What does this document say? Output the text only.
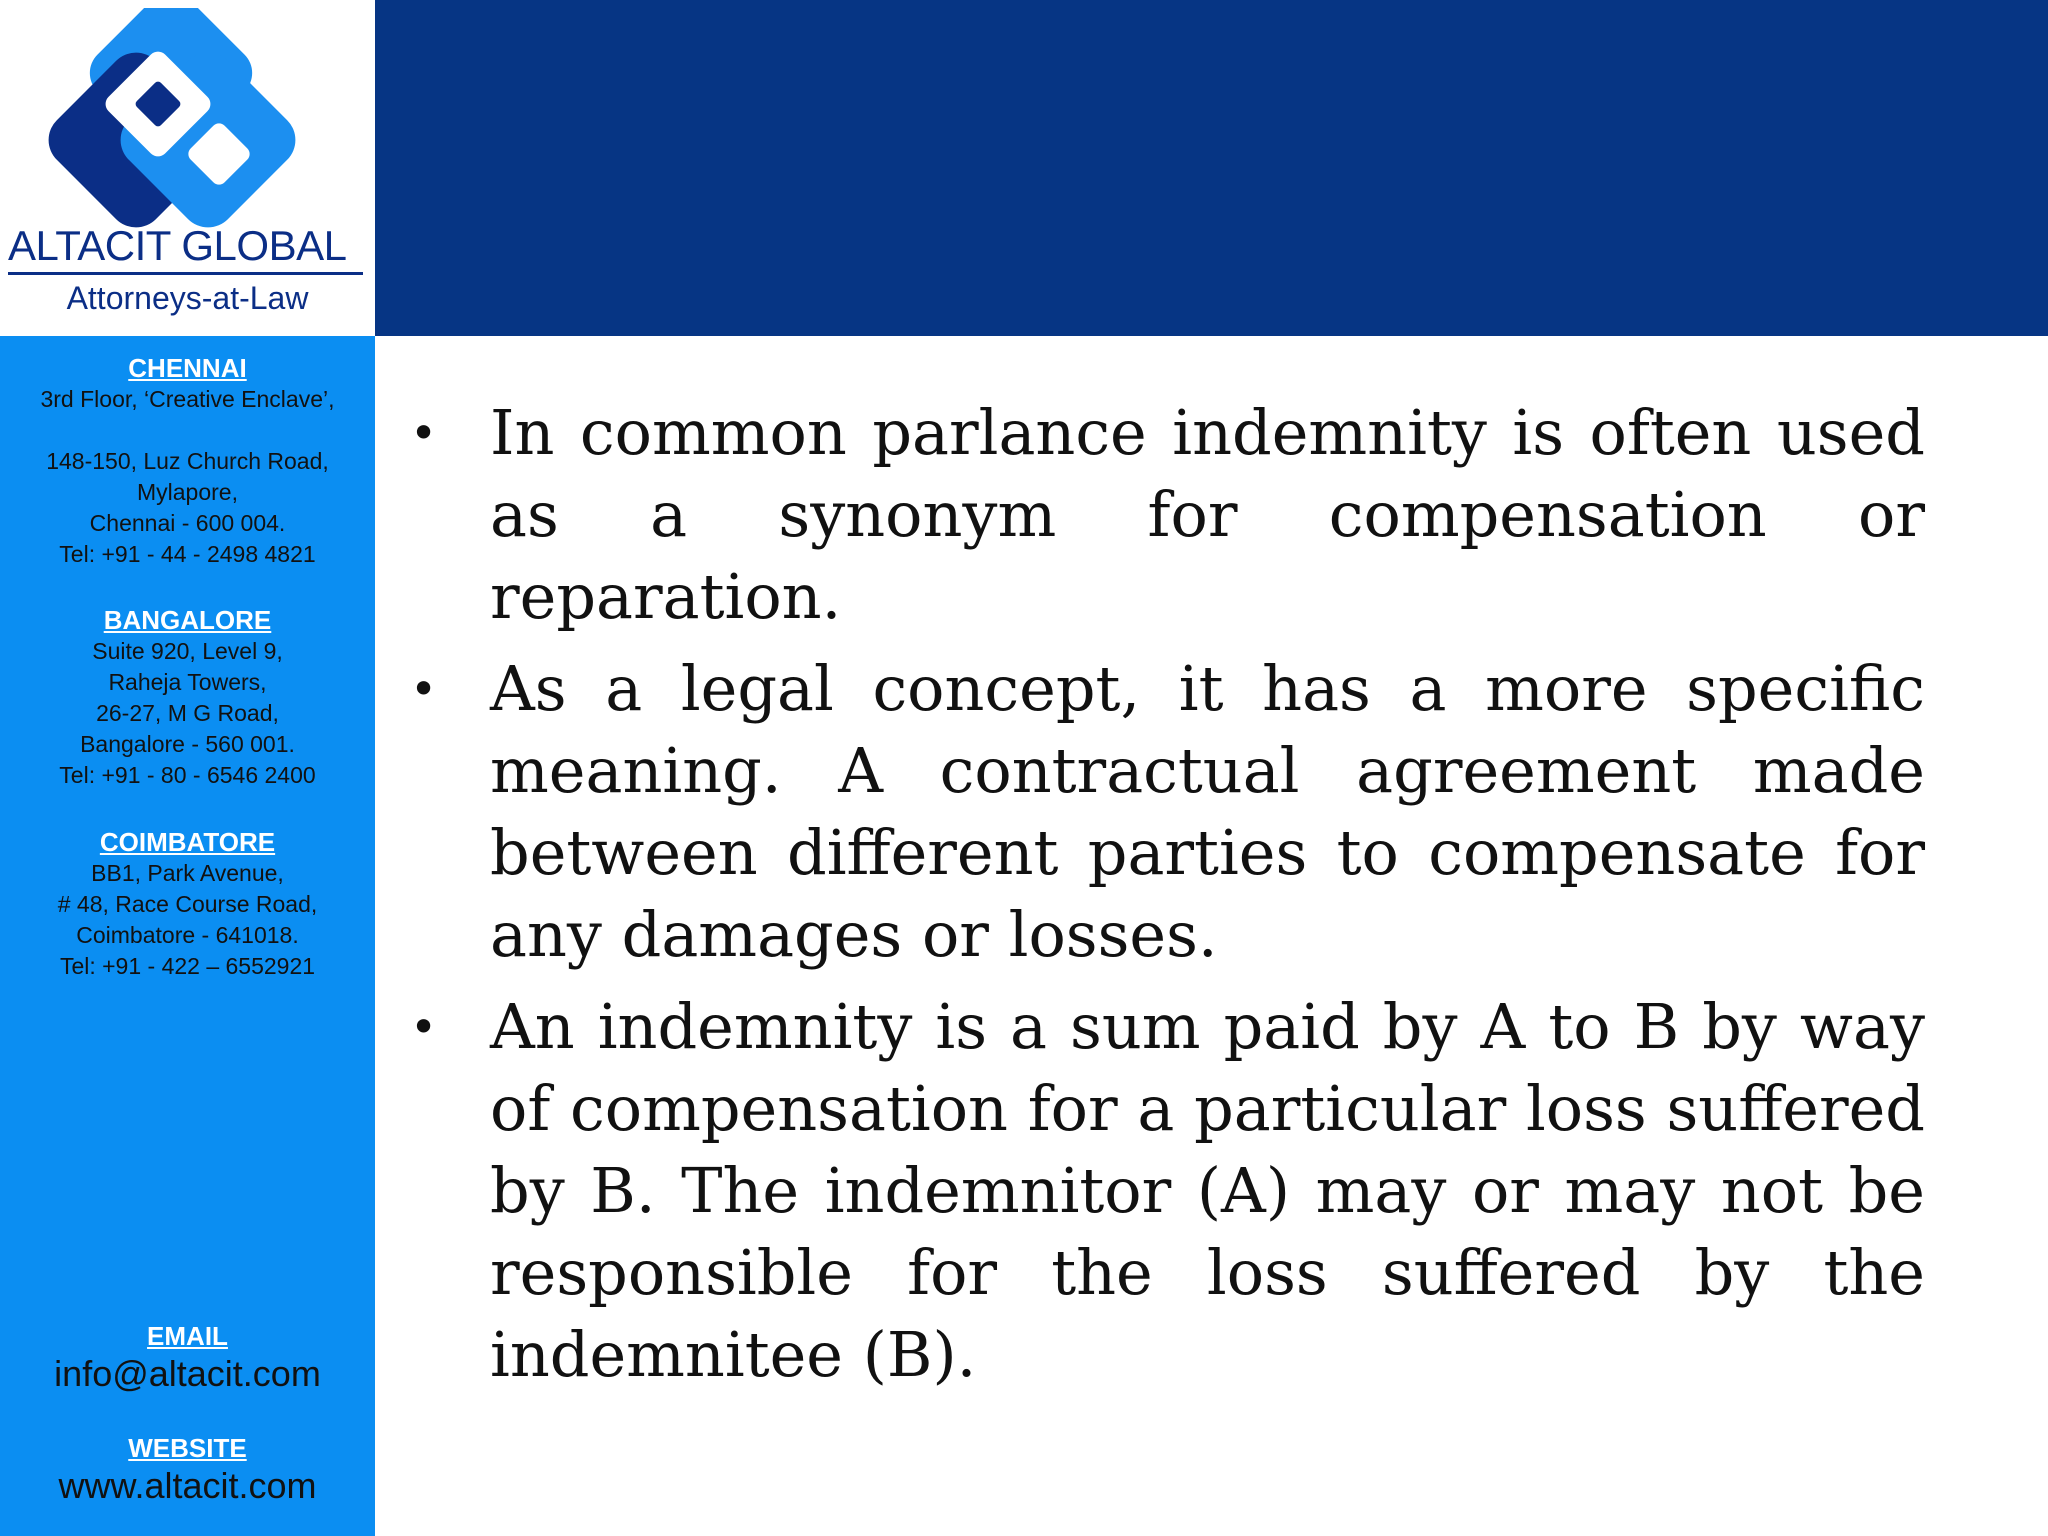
ALTACIT GLOBAL
Attorneys-at-Law
CHENNAI
3rd Floor, ‘Creative Enclave’,
148-150, Luz Church Road,
Mylapore,
Chennai - 600 004.
Tel: +91 - 44 - 2498 4821
BANGALORE
Suite 920, Level 9,
Raheja Towers,
26-27, M G Road,
Bangalore - 560 001.
Tel: +91 - 80 - 6546 2400
COIMBATORE
BB1, Park Avenue,
# 48, Race Course Road,
Coimbatore - 641018.
Tel: +91 - 422 – 6552921
EMAIL
info@altacit.com
WEBSITE
www.altacit.com
• In common parlance indemnity is often used as a synonym for compensation or reparation.
• As a legal concept, it has a more specific meaning. A contractual agreement made between different parties to compensate for any damages or losses.
• An indemnity is a sum paid by A to B by way of compensation for a particular loss suffered by B. The indemnitor (A) may or may not be responsible for the loss suffered by the indemnitee (B).
